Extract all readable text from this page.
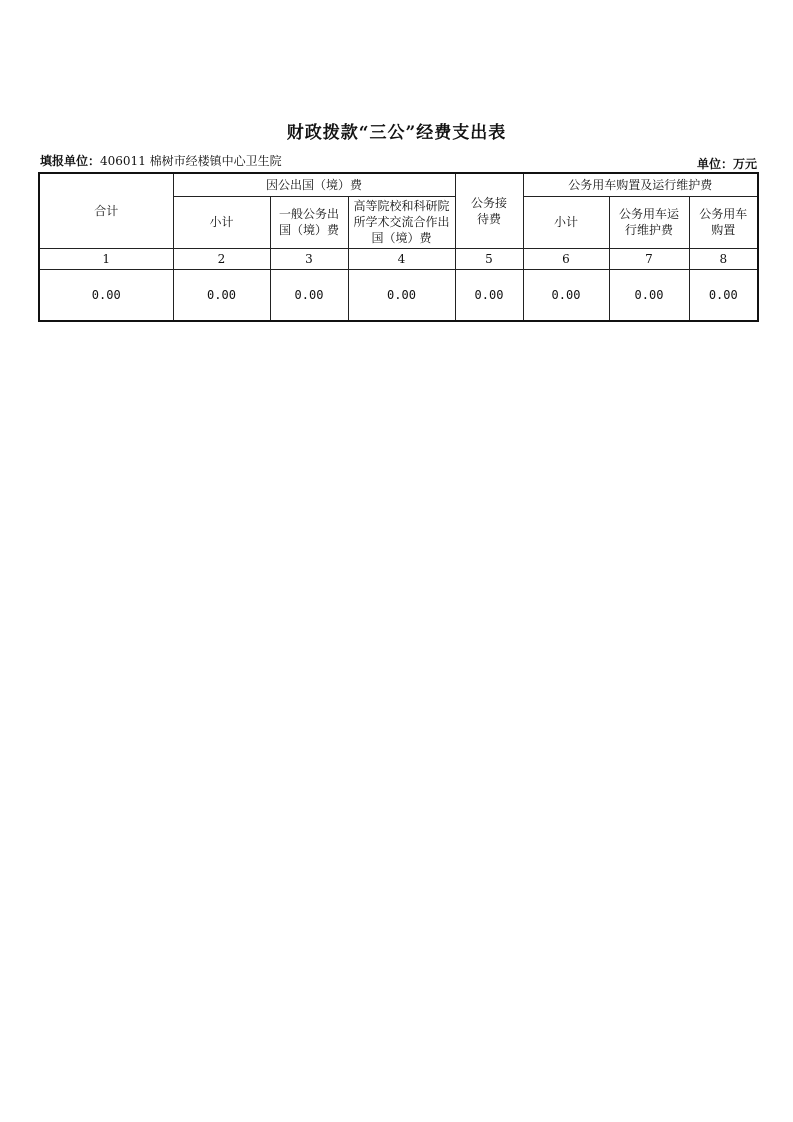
财政拨款“三公”经费支出表
填报单位：406011 棉树市经楼镇中心卫生院	单位：万元
合计	因公出国（境）费			公务接待费	公务用车购置及运行维护费		
	小计	一般公务出国（境）费	高等院校和科研院所学术交流合作出国（境）费		小计	公务用车运行维护费	公务用车购置

1	2	3	4	5	6	7	8
0.00	0.00	0.00	0.00	0.00	0.00	0.00	0.00
